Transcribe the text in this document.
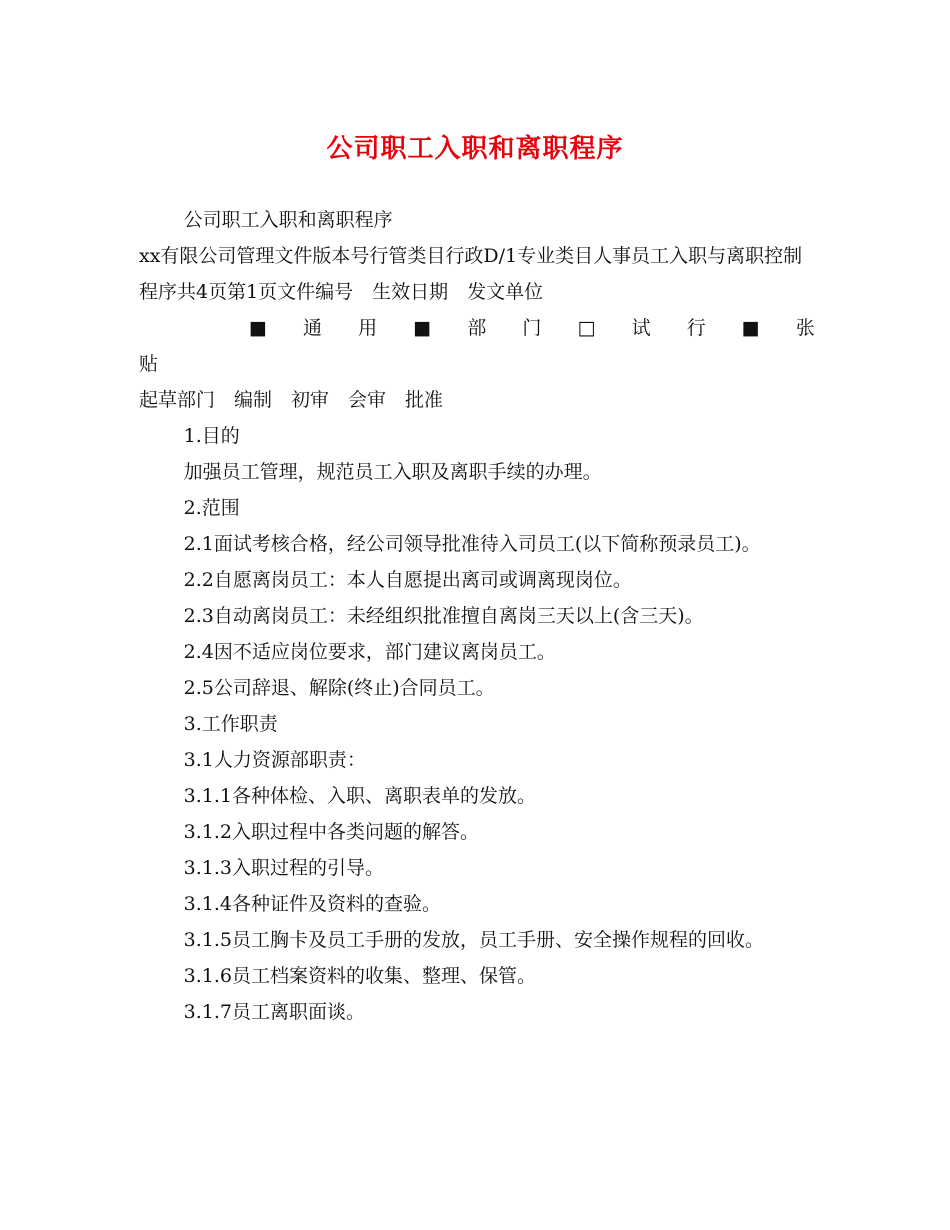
公司职工入职和离职程序

公司职工入职和离职程序

xx有限公司管理文件版本号行管类目行政D/1专业类目人事员工入职与离职控制程序共4页第1页文件编号　生效日期　发文单位

■ 通 用 ■ 部 门 □ 试 行 ■ 张

贴

起草部门　编制　初审　会审　批准

1.目的

加强员工管理，规范员工入职及离职手续的办理。

2.范围

2.1面试考核合格，经公司领导批准待入司员工(以下简称预录员工)。

2.2自愿离岗员工：本人自愿提出离司或调离现岗位。

2.3自动离岗员工：未经组织批准擅自离岗三天以上(含三天)。

2.4因不适应岗位要求，部门建议离岗员工。

2.5公司辞退、解除(终止)合同员工。

3.工作职责

3.1人力资源部职责：

3.1.1各种体检、入职、离职表单的发放。

3.1.2入职过程中各类问题的解答。

3.1.3入职过程的引导。

3.1.4各种证件及资料的查验。

3.1.5员工胸卡及员工手册的发放，员工手册、安全操作规程的回收。

3.1.6员工档案资料的收集、整理、保管。

3.1.7员工离职面谈。
